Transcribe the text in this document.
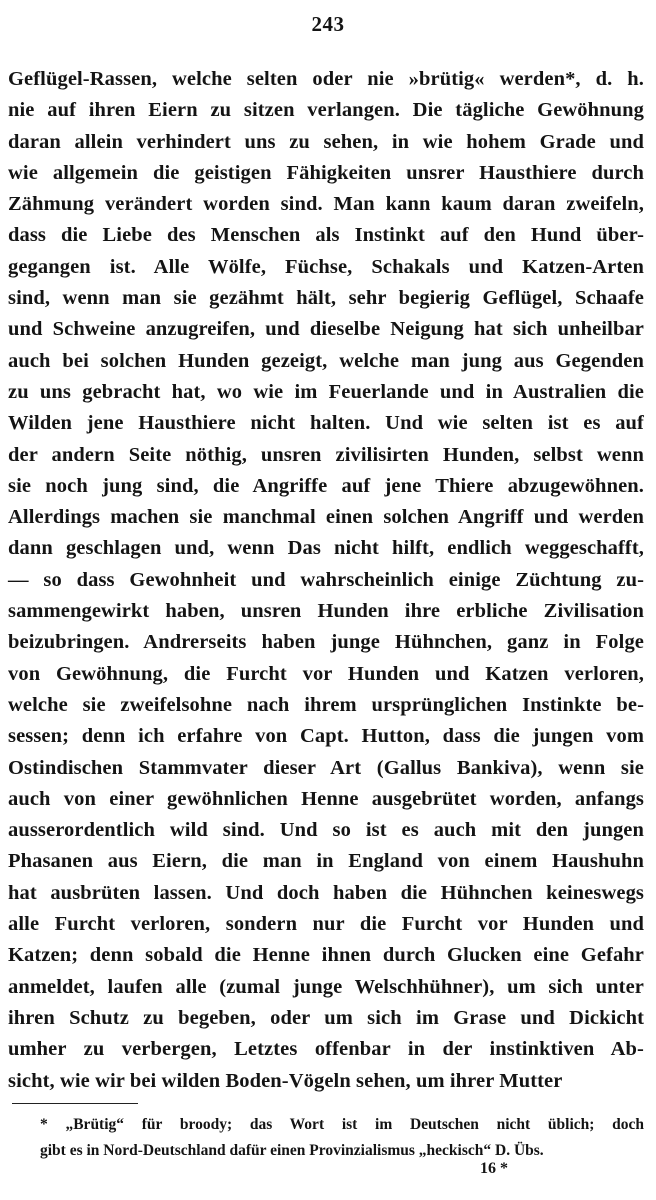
243
Geflügel-Rassen, welche selten oder nie »brütig« werden*, d. h.
nie auf ihren Eiern zu sitzen verlangen. Die tägliche Gewöhnung
daran allein verhindert uns zu sehen, in wie hohem Grade und
wie allgemein die geistigen Fähigkeiten unsrer Hausthiere durch
Zähmung verändert worden sind. Man kann kaum daran zweifeln,
dass die Liebe des Menschen als Instinkt auf den Hund über-
gegangen ist. Alle Wölfe, Füchse, Schakals und Katzen-Arten
sind, wenn man sie gezähmt hält, sehr begierig Geflügel, Schaafe
und Schweine anzugreifen, und dieselbe Neigung hat sich unheilbar
auch bei solchen Hunden gezeigt, welche man jung aus Gegenden
zu uns gebracht hat, wo wie im Feuerlande und in Australien die
Wilden jene Hausthiere nicht halten. Und wie selten ist es auf
der andern Seite nöthig, unsren zivilisirten Hunden, selbst wenn
sie noch jung sind, die Angriffe auf jene Thiere abzugewöhnen.
Allerdings machen sie manchmal einen solchen Angriff und werden
dann geschlagen und, wenn Das nicht hilft, endlich weggeschafft,
— so dass Gewohnheit und wahrscheinlich einige Züchtung zu-
sammengewirkt haben, unsren Hunden ihre erbliche Zivilisation
beizubringen. Andrerseits haben junge Hühnchen, ganz in Folge
von Gewöhnung, die Furcht vor Hunden und Katzen verloren,
welche sie zweifelsohne nach ihrem ursprünglichen Instinkte be-
sessen; denn ich erfahre von Capt. Hutton, dass die jungen vom
Ostindischen Stammvater dieser Art (Gallus Bankiva), wenn sie
auch von einer gewöhnlichen Henne ausgebrütet worden, anfangs
ausserordentlich wild sind. Und so ist es auch mit den jungen
Phasanen aus Eiern, die man in England von einem Haushuhn
hat ausbrüten lassen. Und doch haben die Hühnchen keineswegs
alle Furcht verloren, sondern nur die Furcht vor Hunden und
Katzen; denn sobald die Henne ihnen durch Glucken eine Gefahr
anmeldet, laufen alle (zumal junge Welschhühner), um sich unter
ihren Schutz zu begeben, oder um sich im Grase und Dickicht
umher zu verbergen, Letztes offenbar in der instinktiven Ab-
sicht, wie wir bei wilden Boden-Vögeln sehen, um ihrer Mutter
* „Brütig“ für broody; das Wort ist im Deutschen nicht üblich; doch
gibt es in Nord-Deutschland dafür einen Provinzialismus „heckisch“ D. Übs.
16 *
